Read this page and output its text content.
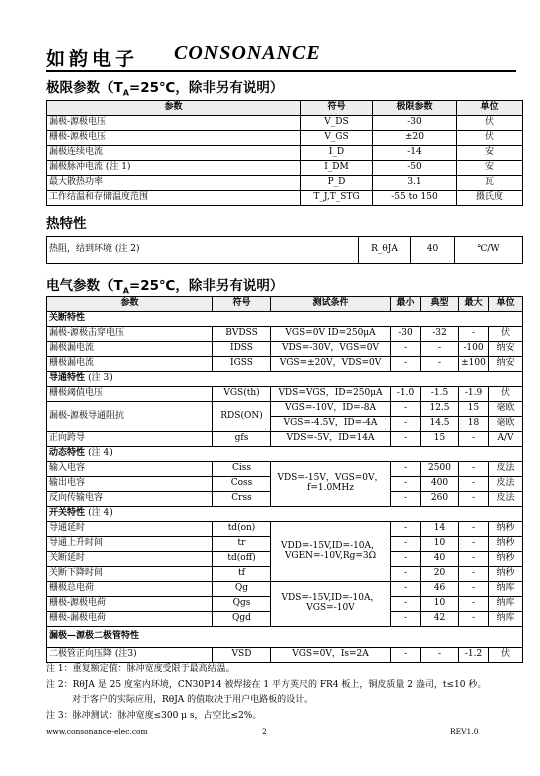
如韵电子 CONSONANCE
极限参数（$T_A=25℃$，除非另有说明）
参数	符号	极限参数	单位
漏极-源极电压	V_DS	-30	伏
栅极-源极电压	V_GS	±20	伏
漏极连续电流	I_D	-14	安
漏极脉冲电流 (注 1)	I_DM	-50	安
最大散热功率	P_D	3.1	瓦
工作结温和存储温度范围	T_J,T_STG	-55 to 150	摄氏度
热特性
热阻，结到环境 (注 2)	R_θJA	40	℃/W
电气参数（$T_A=25℃$，除非另有说明）
参数	符号	测试条件	最小	典型	最大	单位
关断特性						
漏极-源极击穿电压	BVDSS	VGS=0V ID=250μA	-30	-32	-	伏
漏极漏电流	IDSS	VDS=-30V，VGS=0V	-	-	-100	纳安
栅极漏电流	IGSS	VGS=±20V，VDS=0V	-	-	±100	纳安
导通特性 (注 3)						
栅极阈值电压	VGS(th)	VDS=VGS，ID=250μA	-1.0	-1.5	-1.9	伏
漏极-源极导通阻抗	RDS(ON)	VGS=-10V，ID=-8A	-	12.5	15	毫欧
		VGS=-4.5V，ID=-4A	-	14.5	18	毫欧
正向跨导	gfs	VDS=-5V，ID=14A	-	15	-	A/V
动态特性 (注 4)						
输入电容	Ciss	VDS=-15V，VGS=0V，f=1.0MHz	-	2500	-	皮法
输出电容	Coss		-	400	-	皮法
反向传输电容	Crss		-	260	-	皮法
开关特性 (注 4)						
导通延时	td(on)	VDD=-15V,ID=-10A，VGEN=-10V,Rg=3Ω	-	14	-	纳秒
导通上升时间	tr		-	10	-	纳秒
关断延时	td(off)		-	40	-	纳秒
关断下降时间	tf		-	20	-	纳秒
栅极总电荷	Qg	VDS=-15V,ID=-10A，VGS=-10V	-	46	-	纳库
栅极-源极电荷	Qgs		-	10	-	纳库
栅极-漏极电荷	Qgd		-	42	-	纳库
漏极—源极二极管特性						
二极管正向压降 (注3)	VSD	VGS=0V，Is=2A	-	-	-1.2	伏
注 1：重复额定值：脉冲宽度受限于最高结温。
注 2：RθJA 是 25 度室内环境，CN30P14 被焊接在 1 平方英尺的 FR4 板上，铜皮质量 2 盎司，t≤10 秒。
对于客户的实际应用，RθJA 的值取决于用户电路板的设计。
注 3：脉冲测试：脉冲宽度≤300 μ s，占空比≤2%。
www.consonance-elec.com	2	REV1.0
